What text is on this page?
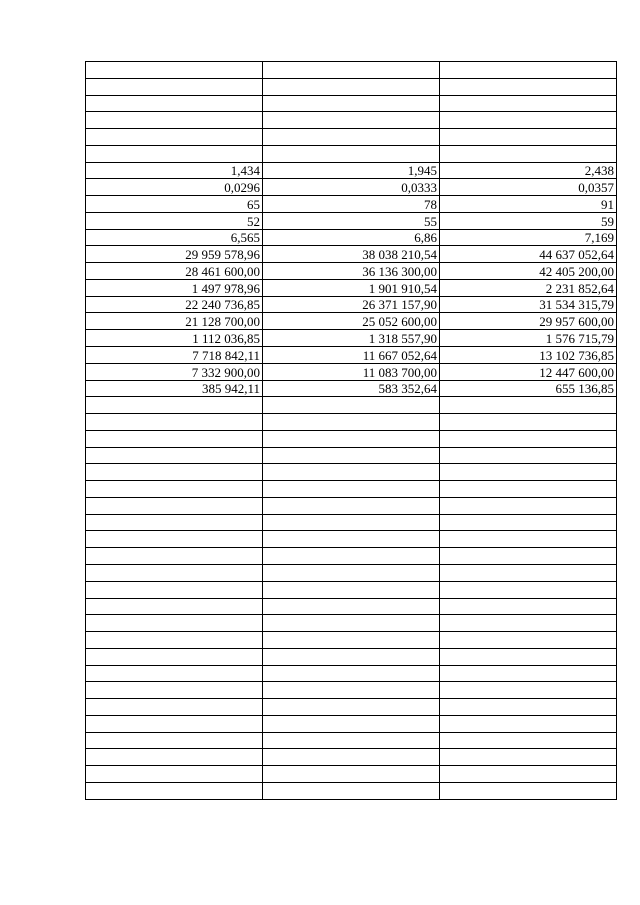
1,434	1,945	2,438
0,0296	0,0333	0,0357
65	78	91
52	55	59
6,565	6,86	7,169
29 959 578,96	38 038 210,54	44 637 052,64
28 461 600,00	36 136 300,00	42 405 200,00
1 497 978,96	1 901 910,54	2 231 852,64
22 240 736,85	26 371 157,90	31 534 315,79
21 128 700,00	25 052 600,00	29 957 600,00
1 112 036,85	1 318 557,90	1 576 715,79
7 718 842,11	11 667 052,64	13 102 736,85
7 332 900,00	11 083 700,00	12 447 600,00
385 942,11	583 352,64	655 136,85
